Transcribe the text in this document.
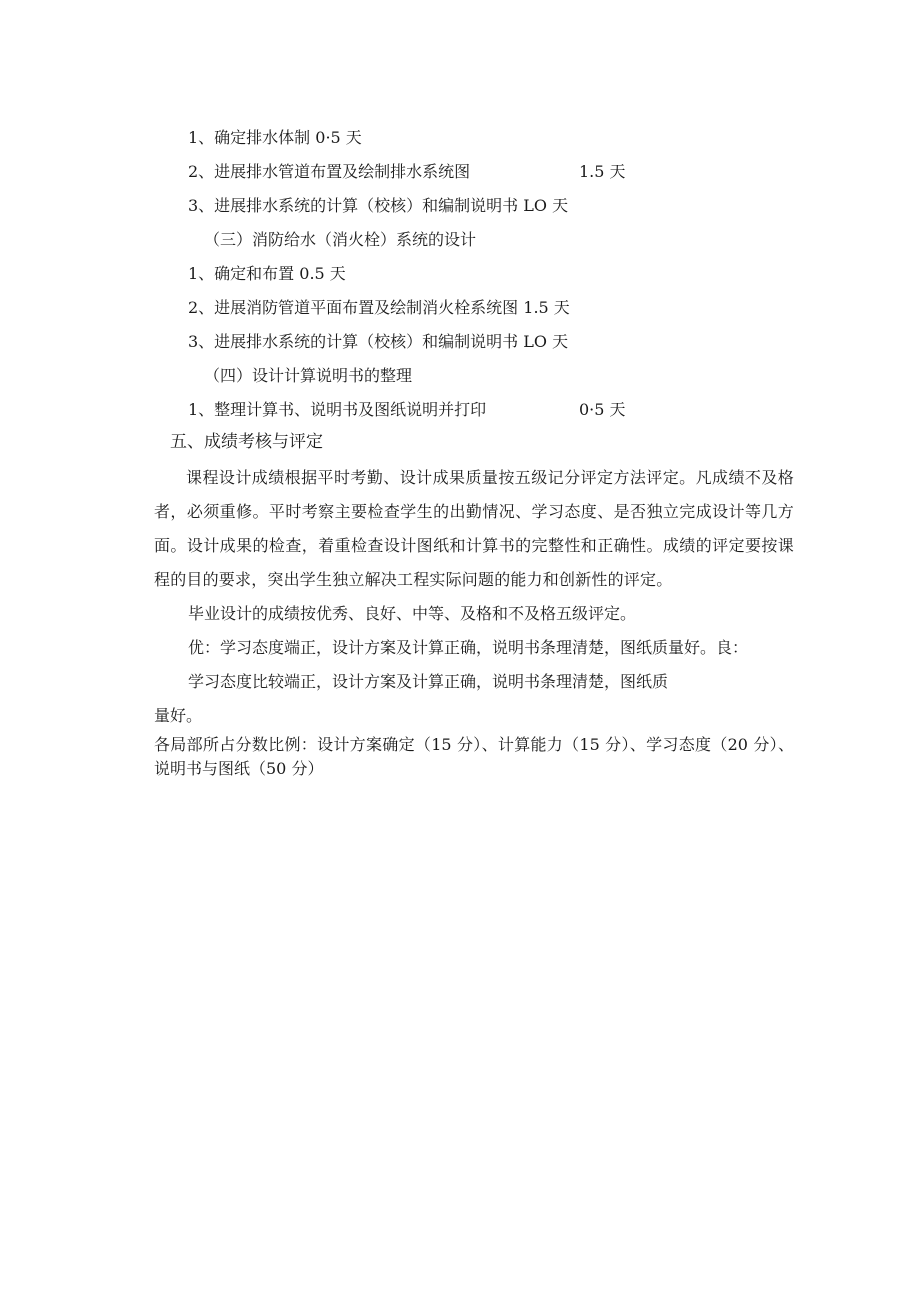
1、确定排水体制 0·5 天
2、进展排水管道布置及绘制排水系统图	1.5 天
3、进展排水系统的计算（校核）和编制说明书 LO 天
（三）消防给水（消火栓）系统的设计
1、确定和布置 0.5 天
2、进展消防管道平面布置及绘制消火栓系统图 1.5 天
3、进展排水系统的计算（校核）和编制说明书 LO 天
（四）设计计算说明书的整理
1、整理计算书、说明书及图纸说明并打印	0·5 天
五、成绩考核与评定
课程设计成绩根据平时考勤、设计成果质量按五级记分评定方法评定。凡成绩不及格者，必须重修。平时考察主要检查学生的出勤情况、学习态度、是否独立完成设计等几方面。设计成果的检查，着重检查设计图纸和计算书的完整性和正确性。成绩的评定要按课程的目的要求，突出学生独立解决工程实际问题的能力和创新性的评定。
毕业设计的成绩按优秀、良好、中等、及格和不及格五级评定。
优：学习态度端正，设计方案及计算正确，说明书条理清楚，图纸质量好。良：
学习态度比较端正，设计方案及计算正确，说明书条理清楚，图纸质
量好。
各局部所占分数比例：设计方案确定（15 分）、计算能力（15 分）、学习态度（20 分）、说明书与图纸（50 分）
